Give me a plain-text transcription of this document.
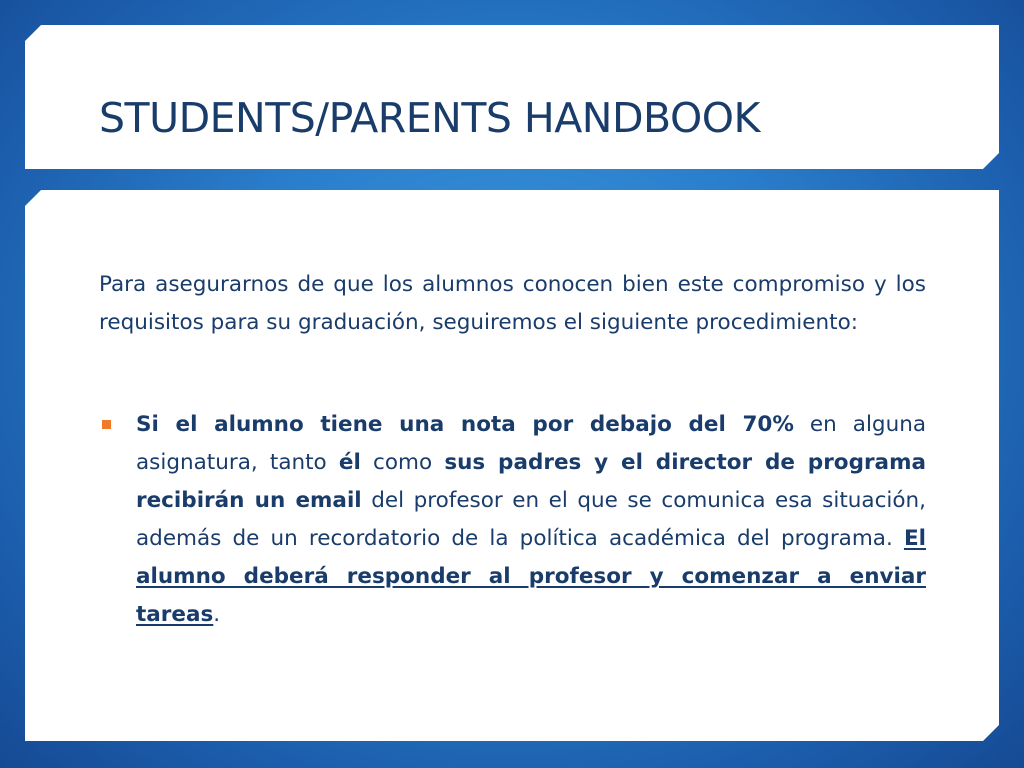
STUDENTS/PARENTS HANDBOOK

Para asegurarnos de que los alumnos conocen bien este compromiso y los requisitos para su graduación, seguiremos el siguiente procedimiento:

Si el alumno tiene una nota por debajo del 70% en alguna asignatura, tanto él como sus padres y el director de programa recibirán un email del profesor en el que se comunica esa situación, además de un recordatorio de la política académica del programa. El alumno deberá responder al profesor y comenzar a enviar tareas.
